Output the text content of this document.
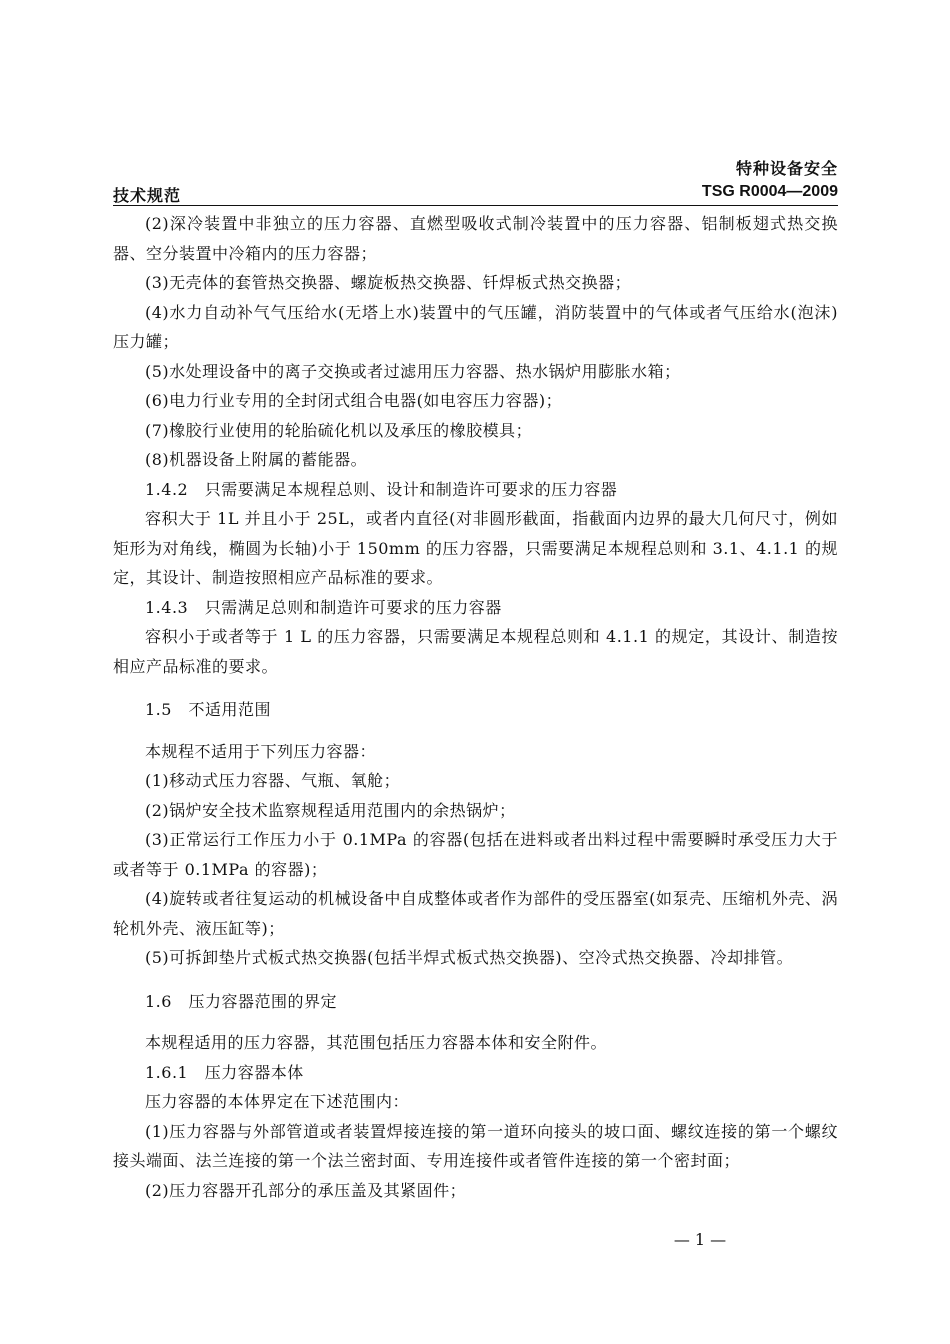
特种设备安全
技术规范	TSG R0004—2009

(2)深冷装置中非独立的压力容器、直燃型吸收式制冷装置中的压力容器、铝制板翅式热交换器、空分装置中冷箱内的压力容器；

(3)无壳体的套管热交换器、螺旋板热交换器、钎焊板式热交换器；

(4)水力自动补气气压给水(无塔上水)装置中的气压罐，消防装置中的气体或者气压给水(泡沫)压力罐；

(5)水处理设备中的离子交换或者过滤用压力容器、热水锅炉用膨胀水箱；

(6)电力行业专用的全封闭式组合电器(如电容压力容器)；

(7)橡胶行业使用的轮胎硫化机以及承压的橡胶模具；

(8)机器设备上附属的蓄能器。

1.4.2　只需要满足本规程总则、设计和制造许可要求的压力容器

容积大于 1L 并且小于 25L，或者内直径(对非圆形截面，指截面内边界的最大几何尺寸，例如矩形为对角线，椭圆为长轴)小于 150mm 的压力容器，只需要满足本规程总则和 3.1、4.1.1 的规定，其设计、制造按照相应产品标准的要求。

1.4.3　只需满足总则和制造许可要求的压力容器

容积小于或者等于 1 L 的压力容器，只需要满足本规程总则和 4.1.1 的规定，其设计、制造按相应产品标准的要求。

1.5　不适用范围

本规程不适用于下列压力容器：

(1)移动式压力容器、气瓶、氧舱；

(2)锅炉安全技术监察规程适用范围内的余热锅炉；

(3)正常运行工作压力小于 0.1MPa 的容器(包括在进料或者出料过程中需要瞬时承受压力大于或者等于 0.1MPa 的容器)；

(4)旋转或者往复运动的机械设备中自成整体或者作为部件的受压器室(如泵壳、压缩机外壳、涡轮机外壳、液压缸等)；

(5)可拆卸垫片式板式热交换器(包括半焊式板式热交换器)、空冷式热交换器、冷却排管。

1.6　压力容器范围的界定

本规程适用的压力容器，其范围包括压力容器本体和安全附件。

1.6.1　压力容器本体

压力容器的本体界定在下述范围内：

(1)压力容器与外部管道或者装置焊接连接的第一道环向接头的坡口面、螺纹连接的第一个螺纹接头端面、法兰连接的第一个法兰密封面、专用连接件或者管件连接的第一个密封面；

(2)压力容器开孔部分的承压盖及其紧固件；

— 1 —
